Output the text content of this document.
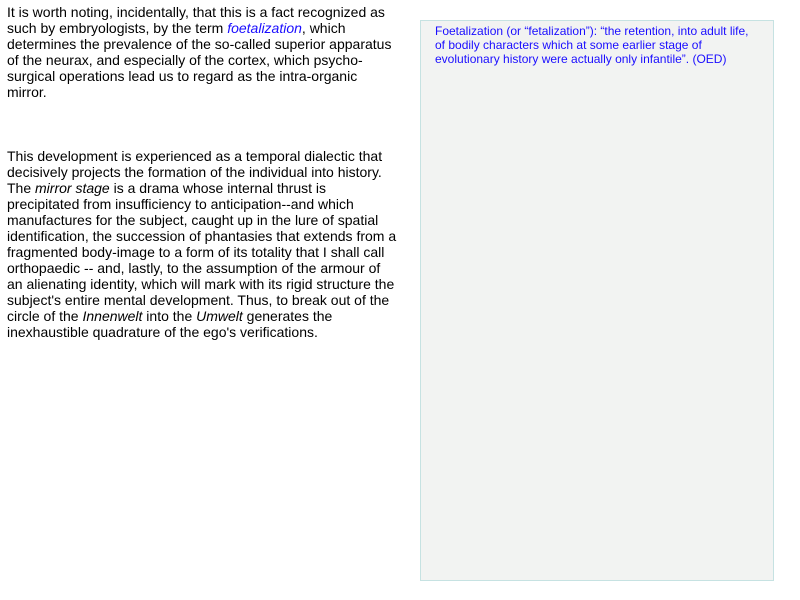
It is worth noting, incidentally, that this is a fact recognized as such by embryologists, by the term foetalization, which determines the prevalence of the so-called superior apparatus of the neurax, and especially of the cortex, which psycho-surgical operations lead us to regard as the intra-organic mirror.

This development is experienced as a temporal dialectic that decisively projects the formation of the individual into history. The mirror stage is a drama whose internal thrust is precipitated from insufficiency to anticipation--and which manufactures for the subject, caught up in the lure of spatial identification, the succession of phantasies that extends from a fragmented body-image to a form of its totality that I shall call orthopaedic -- and, lastly, to the assumption of the armour of an alienating identity, which will mark with its rigid structure the subject's entire mental development. Thus, to break out of the circle of the Innenwelt into the Umwelt generates the inexhaustible quadrature of the ego's verifications.

Foetalization (or “fetalization”): “the retention, into adult life, of bodily characters which at some earlier stage of evolutionary history were actually only infantile”. (OED)
